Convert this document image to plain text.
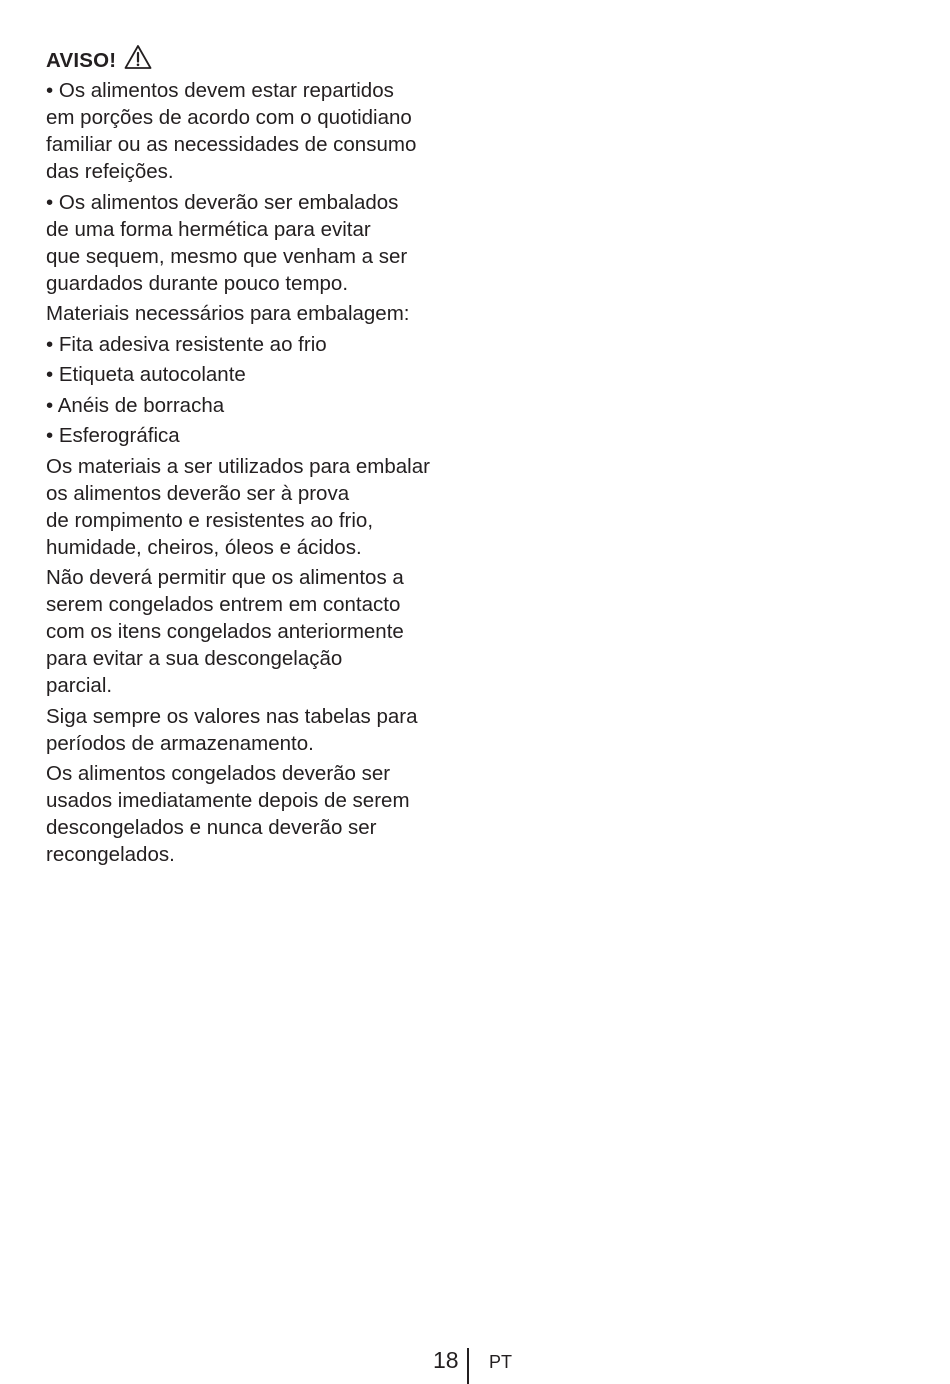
AVISO!

• Os alimentos devem estar repartidos
em porções de acordo com o quotidiano
familiar ou as necessidades de consumo
das refeições.

• Os alimentos deverão ser embalados
de uma forma hermética para evitar
que sequem, mesmo que venham a ser
guardados durante pouco tempo.

Materiais necessários para embalagem:

• Fita adesiva resistente ao frio

• Etiqueta autocolante

• Anéis de borracha

• Esferográfica

Os materiais a ser utilizados para embalar
os alimentos deverão ser à prova
de rompimento e resistentes ao frio,
humidade, cheiros, óleos e ácidos.

Não deverá permitir que os alimentos a
serem congelados entrem em contacto
com os itens congelados anteriormente
para evitar a sua descongelação
parcial.

Siga sempre os valores nas tabelas para
períodos de armazenamento.

Os alimentos congelados deverão ser
usados imediatamente depois de serem
descongelados e nunca deverão ser
recongelados.

18 PT
